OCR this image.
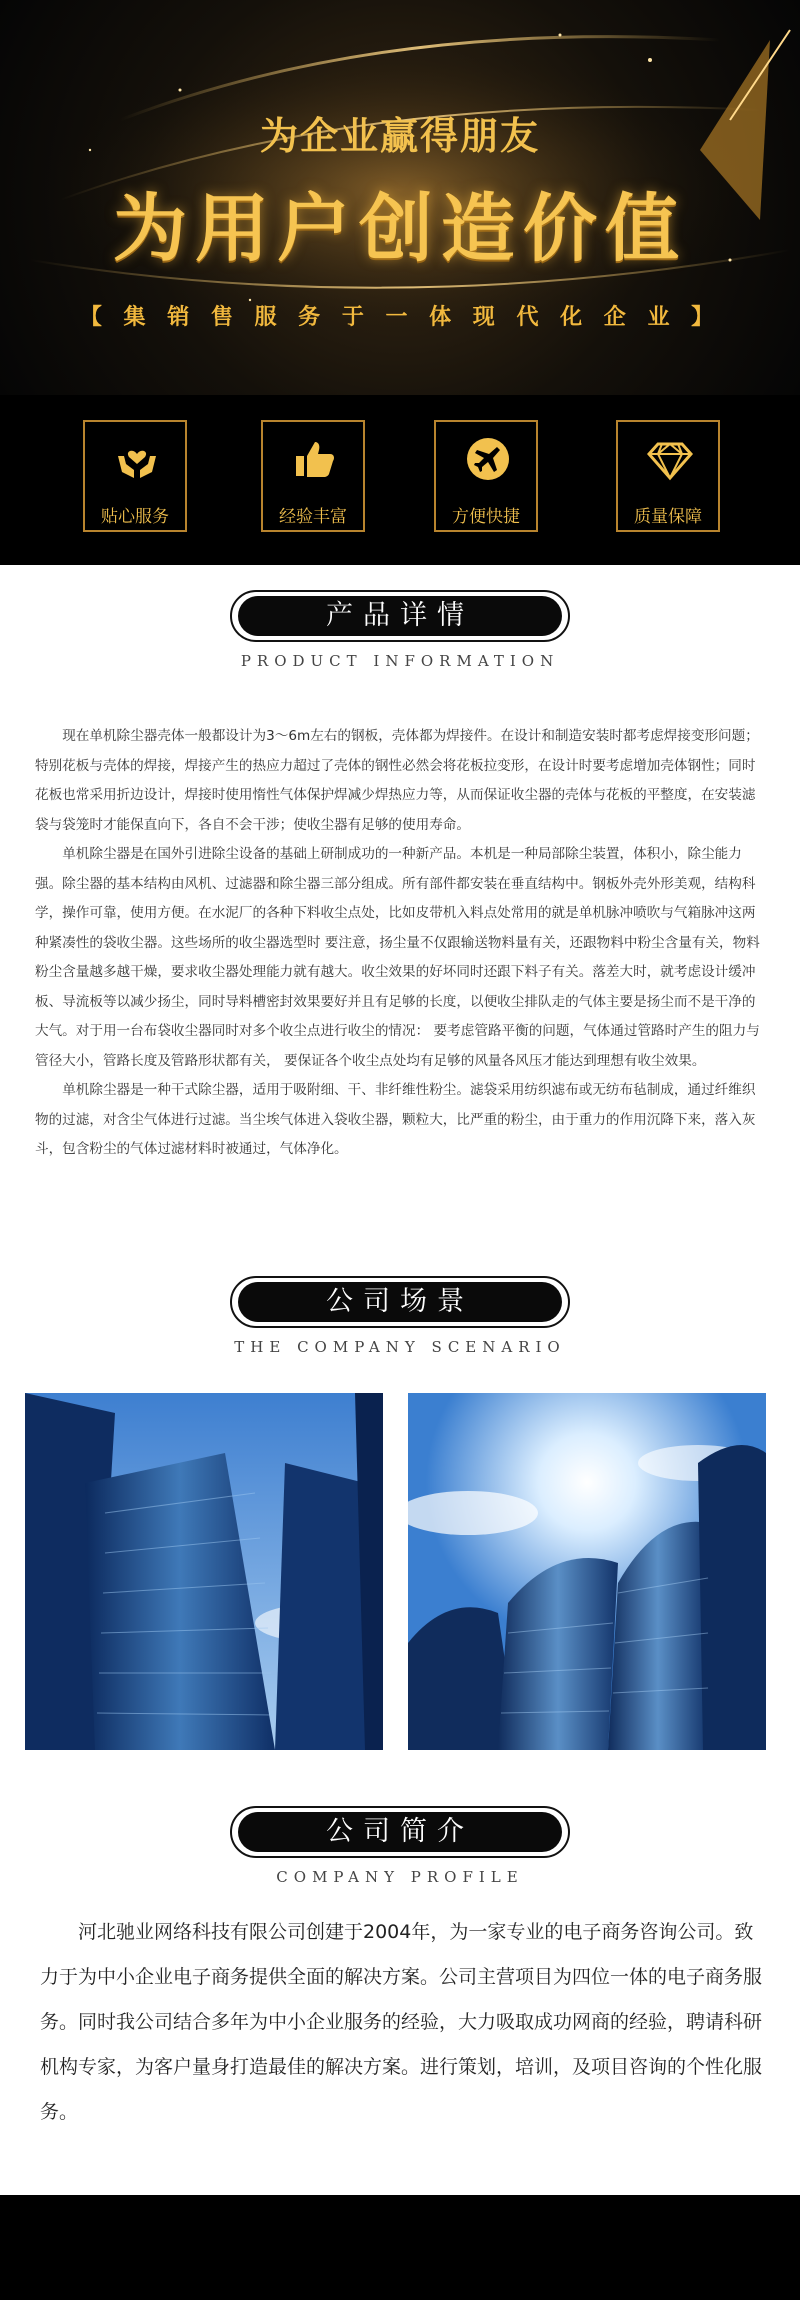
为企业赢得朋友
为用户创造价值
【 集 销 售 服 务 于 一 体 现 代 化 企 业 】
贴心服务	经验丰富	方便快捷	质量保障
产品详情
PRODUCT INFORMATION

现在单机除尘器壳体一般都设计为3～6m左右的钢板，壳体都为焊接件。在设计和制造安装时都考虑焊接变形问题；特别花板与壳体的焊接，焊接产生的热应力超过了壳体的钢性必然会将花板拉变形，在设计时要考虑增加壳体钢性；同时花板也常采用折边设计，焊接时使用惰性气体保护焊减少焊热应力等，从而保证收尘器的壳体与花板的平整度，在安装滤袋与袋笼时才能保直向下，各自不会干涉；使收尘器有足够的使用寿命。

单机除尘器是在国外引进除尘设备的基础上研制成功的一种新产品。本机是一种局部除尘装置，体积小，除尘能力强。除尘器的基本结构由风机、过滤器和除尘器三部分组成。所有部件都安装在垂直结构中。钢板外壳外形美观，结构科学，操作可靠，使用方便。在水泥厂的各种下料收尘点处，比如皮带机入料点处常用的就是单机脉冲喷吹与气箱脉冲这两种紧凑性的袋收尘器。这些场所的收尘器选型时 要注意，扬尘量不仅跟输送物料量有关，还跟物料中粉尘含量有关，物料粉尘含量越多越干燥，要求收尘器处理能力就有越大。收尘效果的好坏同时还跟下料子有关。落差大时，就考虑设计缓冲板、导流板等以减少扬尘，同时导料槽密封效果要好并且有足够的长度，以便收尘排队走的气体主要是扬尘而不是干净的大气。对于用一台布袋收尘器同时对多个收尘点进行收尘的情况： 要考虑管路平衡的问题，气体通过管路时产生的阻力与管径大小，管路长度及管路形状都有关， 要保证各个收尘点处均有足够的风量各风压才能达到理想有收尘效果。

单机除尘器是一种干式除尘器，适用于吸附细、干、非纤维性粉尘。滤袋采用纺织滤布或无纺布毡制成，通过纤维织物的过滤，对含尘气体进行过滤。当尘埃气体进入袋收尘器，颗粒大，比严重的粉尘，由于重力的作用沉降下来，落入灰斗，包含粉尘的气体过滤材料时被通过，气体净化。

公司场景
THE COMPANY SCENARIO
公司简介
COMPANY PROFILE

河北驰业网络科技有限公司创建于2004年，为一家专业的电子商务咨询公司。致力于为中小企业电子商务提供全面的解决方案。公司主营项目为四位一体的电子商务服务。同时我公司结合多年为中小企业服务的经验，大力吸取成功网商的经验，聘请科研机构专家，为客户量身打造最佳的解决方案。进行策划，培训，及项目咨询的个性化服务。
